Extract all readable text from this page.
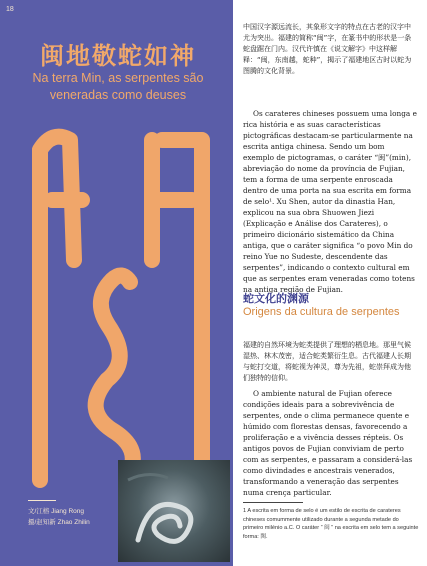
18
闽地敬蛇如神
Na terra Min, as serpentes são veneradas como deuses
文/江榕 Jiang Rong
摄/赵知新 Zhao Zhilin
中国汉字源远流长，其象形文字的特点在古老的汉字中尤为突出。福建的简称“闽”字，在篆书中的形状是一条蛇盘踞在门内。汉代许慎在《说文解字》中这样解释：“闽，东南越，蛇种”，揭示了福建地区古时以蛇为图腾的文化背景。
Os carateres chineses possuem uma longa e rica história e as suas características pictográficas destacam-se particularmente na escrita antiga chinesa. Sendo um bom exemplo de pictogramas, o caráter “闽”(min), abreviação do nome da província de Fujian, tem a forma de uma serpente enroscada dentro de uma porta na sua escrita em forma de selo¹. Xu Shen, autor da dinastia Han, explicou na sua obra Shuowen Jiezi (Explicação e Análise dos Carateres), o primeiro dicionário sistemático da China antiga, que o caráter significa “o povo Min do reino Yue no Sudeste, descendente das serpentes”, indicando o contexto cultural em que as serpentes eram veneradas como totens na antiga região de Fujian.
蛇文化的渊源
Origens da cultura de serpentes
福建的自然环境为蛇类提供了理想的栖息地。那里气候湿热、林木茂密，适合蛇类繁衍生息。古代福建人长期与蛇打交道，将蛇视为神灵，尊为先祖，蛇崇拜成为他们独特的信仰。
O ambiente natural de Fujian oferece condições ideais para a sobrevivência de serpentes, onde o clima permanece quente e húmido com florestas densas, favorecendo a proliferação e a vivência desses répteis. Os antigos povos de Fujian conviviam de perto com as serpentes, e passaram a considerá-las como divindades e ancestrais venerados, transformando a veneração das serpentes numa crença particular.
1 A escrita em forma de selo é um estilo de escrita de carateres chineses comummente utilizado durante a segunda metade do primeiro milénio a.C. O caráter “ 闽 ” na escrita em selo tem a seguinte forma: 閩.
